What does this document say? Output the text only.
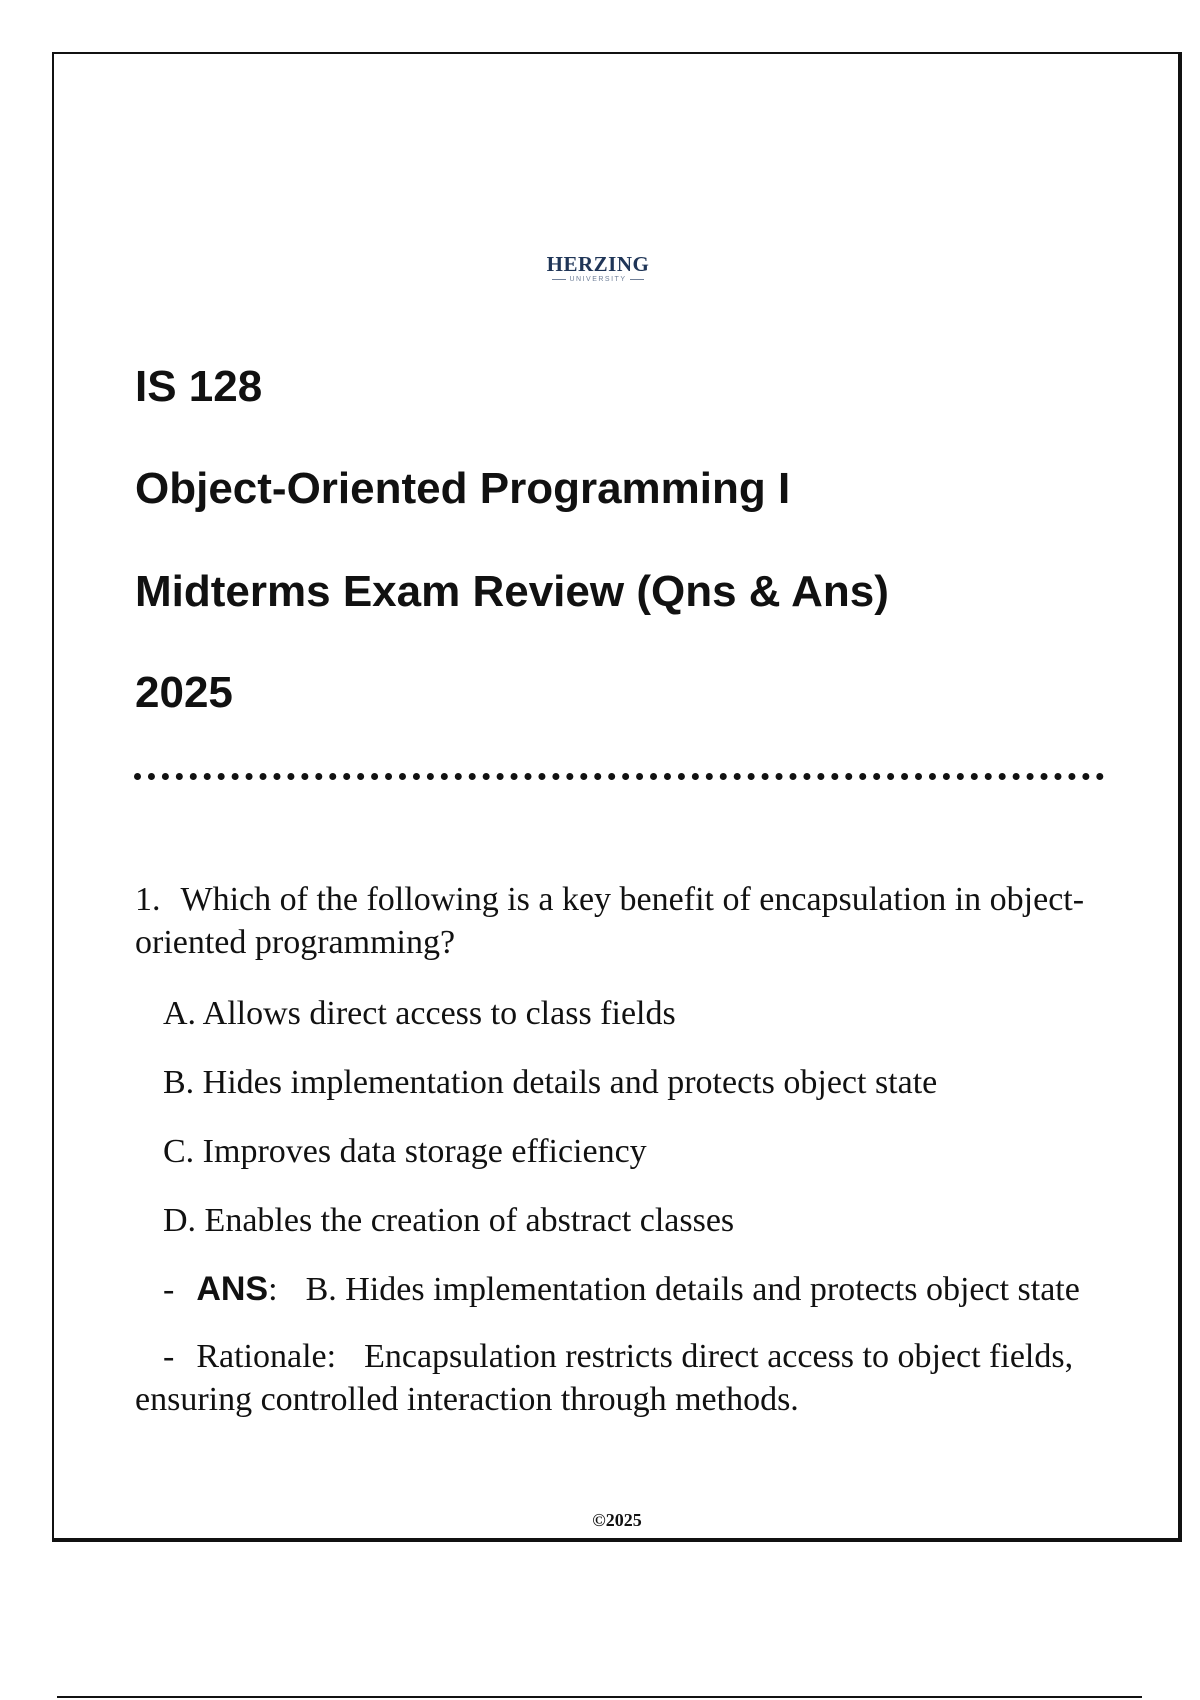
HERZING
UNIVERSITY
IS 128
Object-Oriented Programming I
Midterms Exam Review (Qns & Ans)
2025

1. Which of the following is a key benefit of encapsulation in object-oriented programming?

A. Allows direct access to class fields

B. Hides implementation details and protects object state

C. Improves data storage efficiency

D. Enables the creation of abstract classes

- ANS: B. Hides implementation details and protects object state

- Rationale: Encapsulation restricts direct access to object fields, ensuring controlled interaction through methods.

©2025
